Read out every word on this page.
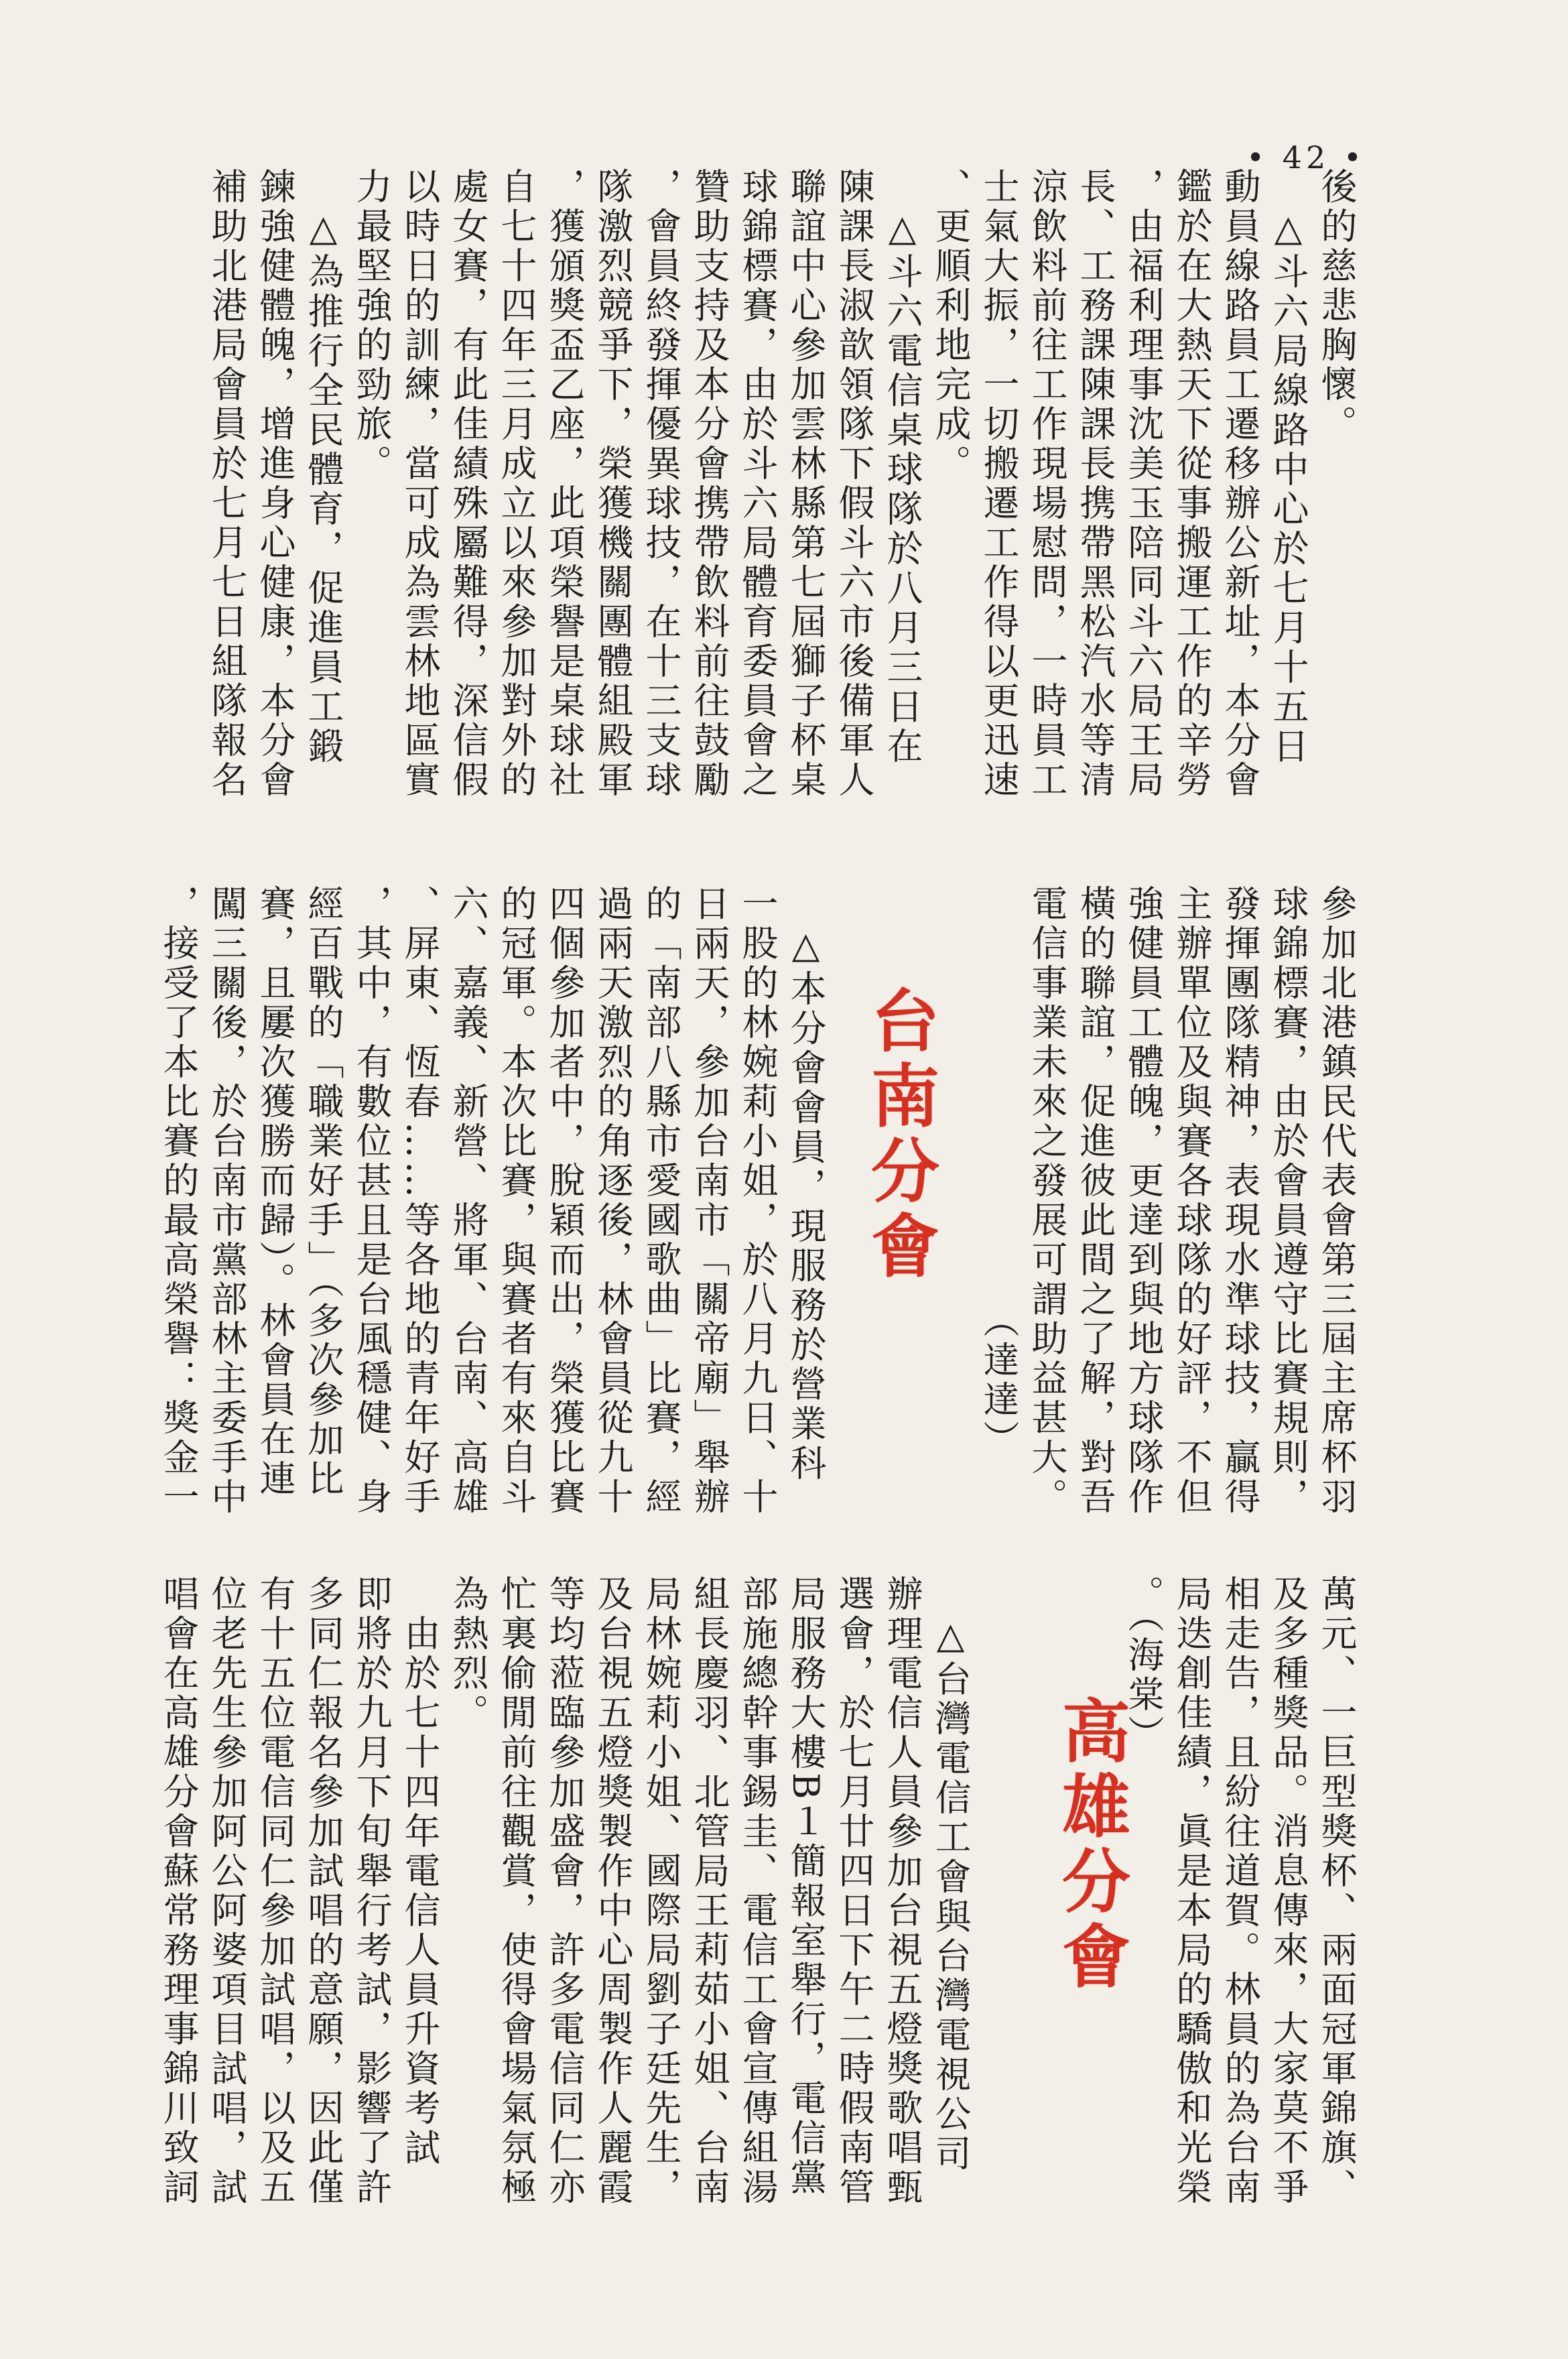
• 42 •
後的慈悲胸懷。
　△斗六局線路中心於七月十五日
動員線路員工遷移辦公新址，本分會
鑑於在大熱天下從事搬運工作的辛勞
，由福利理事沈美玉陪同斗六局王局
長、工務課陳課長携帶黑松汽水等清
涼飲料前往工作現場慰問，一時員工
士氣大振，一切搬遷工作得以更迅速
、更順利地完成。
　△斗六電信桌球隊於八月三日在
陳課長淑歆領隊下假斗六市後備軍人
聯誼中心參加雲林縣第七屆獅子杯桌
球錦標賽，由於斗六局體育委員會之
贊助支持及本分會携帶飲料前往鼓勵
，會員終發揮優異球技，在十三支球
隊激烈競爭下，榮獲機關團體組殿軍
，獲頒獎盃乙座，此項榮譽是桌球社
自七十四年三月成立以來參加對外的
處女賽，有此佳績殊屬難得，深信假
以時日的訓練，當可成為雲林地區實
力最堅強的勁旅。
　△為推行全民體育，促進員工鍛
鍊強健體魄，增進身心健康，本分會
補助北港局會員於七月七日組隊報名
台南分會	參加北港鎮民代表會第三屆主席杯羽
球錦標賽，由於會員遵守比賽規則，
發揮團隊精神，表現水準球技，贏得
主辦單位及與賽各球隊的好評，不但
強健員工體魄，更達到與地方球隊作
橫的聯誼，促進彼此間之了解，對吾
電信事業未來之發展可謂助益甚大。
　　　　　　　　　　　（達達）

　△本分會會員，現服務於營業科
一股的林婉莉小姐，於八月九日、十
日兩天，參加台南市「關帝廟」舉辦
的「南部八縣市愛國歌曲」比賽，經
過兩天激烈的角逐後，林會員從九十
四個參加者中，脫穎而出，榮獲比賽
的冠軍。本次比賽，與賽者有來自斗
六、嘉義、新營、將軍、台南、高雄
、屏東、恆春……等各地的青年好手
，其中，有數位甚且是台風穩健、身
經百戰的「職業好手」（多次參加比
賽，且屢次獲勝而歸）。林會員在連
闖三關後，於台南市黨部林主委手中
，接受了本比賽的最高榮譽：獎金一
高雄分會	萬元、一巨型獎杯、兩面冠軍錦旗、
及多種獎品。消息傳來，大家莫不爭
相走告，且紛往道賀。林員的為台南
局迭創佳績，眞是本局的驕傲和光榮
。（海棠）

　△台灣電信工會與台灣電視公司
辦理電信人員參加台視五燈獎歌唱甄
選會，於七月廿四日下午二時假南管
局服務大樓B１簡報室舉行，電信黨
部施總幹事錫圭、電信工會宣傳組湯
組長慶羽、北管局王莉茹小姐、台南
局林婉莉小姐、國際局劉子廷先生，
及台視五燈獎製作中心周製作人麗霞
等均蒞臨參加盛會，許多電信同仁亦
忙裏偷閒前往觀賞，使得會場氣氛極
為熱烈。
　由於七十四年電信人員升資考試
即將於九月下旬舉行考試，影響了許
多同仁報名參加試唱的意願，因此僅
有十五位電信同仁參加試唱，以及五
位老先生參加阿公阿婆項目試唱，試
唱會在高雄分會蘇常務理事錦川致詞
